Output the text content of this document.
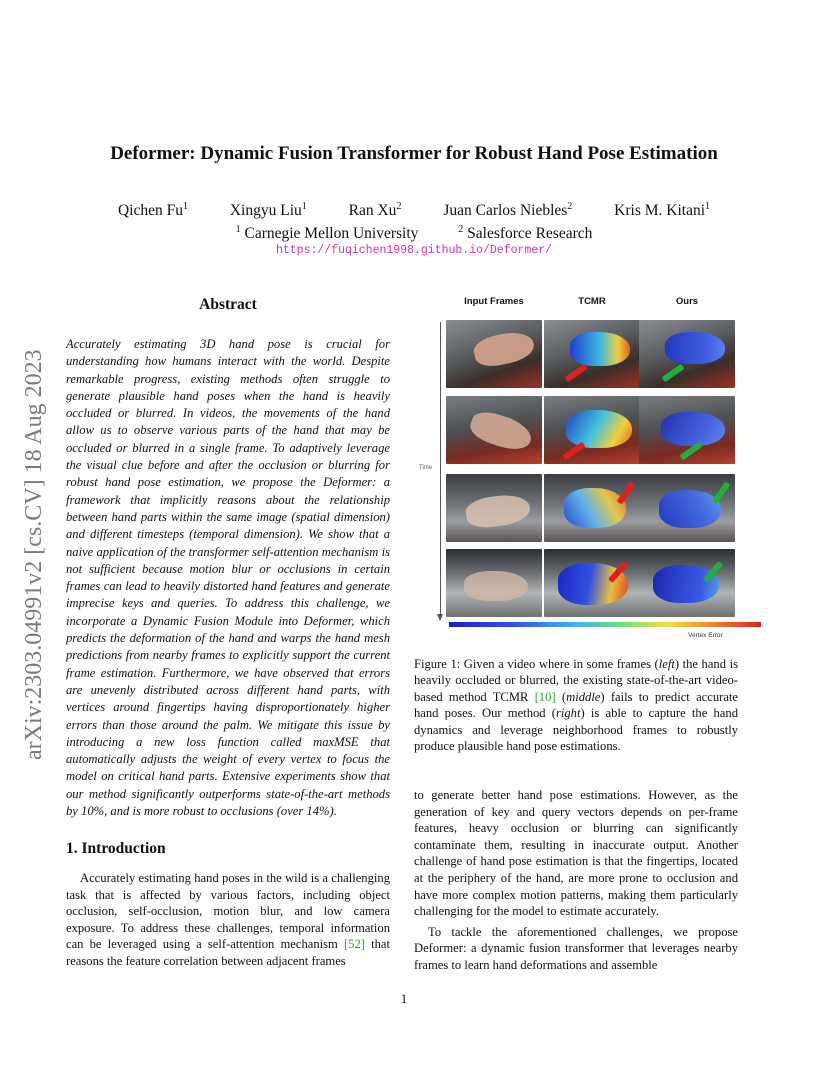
Deformer: Dynamic Fusion Transformer for Robust Hand Pose Estimation
Qichen Fu$^1$	Xingyu Liu$^1$	Ran Xu$^2$	Juan Carlos Niebles$^2$	Kris M. Kitani$^1$
$^1$ Carnegie Mellon University	$^2$ Salesforce Research
https://fuqichen1998.github.io/Deformer/
arXiv:2303.04991v2 [cs.CV] 18 Aug 2023
Abstract
Accurately estimating 3D hand pose is crucial for understanding how humans interact with the world. Despite remarkable progress, existing methods often struggle to generate plausible hand poses when the hand is heavily occluded or blurred. In videos, the movements of the hand allow us to observe various parts of the hand that may be occluded or blurred in a single frame. To adaptively leverage the visual clue before and after the occlusion or blurring for robust hand pose estimation, we propose the Deformer: a framework that implicitly reasons about the relationship between hand parts within the same image (spatial dimension) and different timesteps (temporal dimension). We show that a naive application of the transformer self-attention mechanism is not sufficient because motion blur or occlusions in certain frames can lead to heavily distorted hand features and generate imprecise keys and queries. To address this challenge, we incorporate a Dynamic Fusion Module into Deformer, which predicts the deformation of the hand and warps the hand mesh predictions from nearby frames to explicitly support the current frame estimation. Furthermore, we have observed that errors are unevenly distributed across different hand parts, with vertices around fingertips having disproportionately higher errors than those around the palm. We mitigate this issue by introducing a new loss function called maxMSE that automatically adjusts the weight of every vertex to focus the model on critical hand parts. Extensive experiments show that our method significantly outperforms state-of-the-art methods by 10%, and is more robust to occlusions (over 14%).
1. Introduction
Accurately estimating hand poses in the wild is a challenging task that is affected by various factors, including object occlusion, self-occlusion, motion blur, and low camera exposure. To address these challenges, temporal information can be leveraged using a self-attention mechanism [52] that reasons the feature correlation between adjacent frames
Input Frames	TCMR	Ours
Time
Vertex Error
Figure 1: Given a video where in some frames (left) the hand is heavily occluded or blurred, the existing state-of-the-art video-based method TCMR [10] (middle) fails to predict accurate hand poses. Our method (right) is able to capture the hand dynamics and leverage neighborhood frames to robustly produce plausible hand pose estimations.

to generate better hand pose estimations. However, as the generation of key and query vectors depends on per-frame features, heavy occlusion or blurring can significantly contaminate them, resulting in inaccurate output. Another challenge of hand pose estimation is that the fingertips, located at the periphery of the hand, are more prone to occlusion and have more complex motion patterns, making them particularly challenging for the model to estimate accurately.

To tackle the aforementioned challenges, we propose Deformer: a dynamic fusion transformer that leverages nearby frames to learn hand deformations and assemble

1
